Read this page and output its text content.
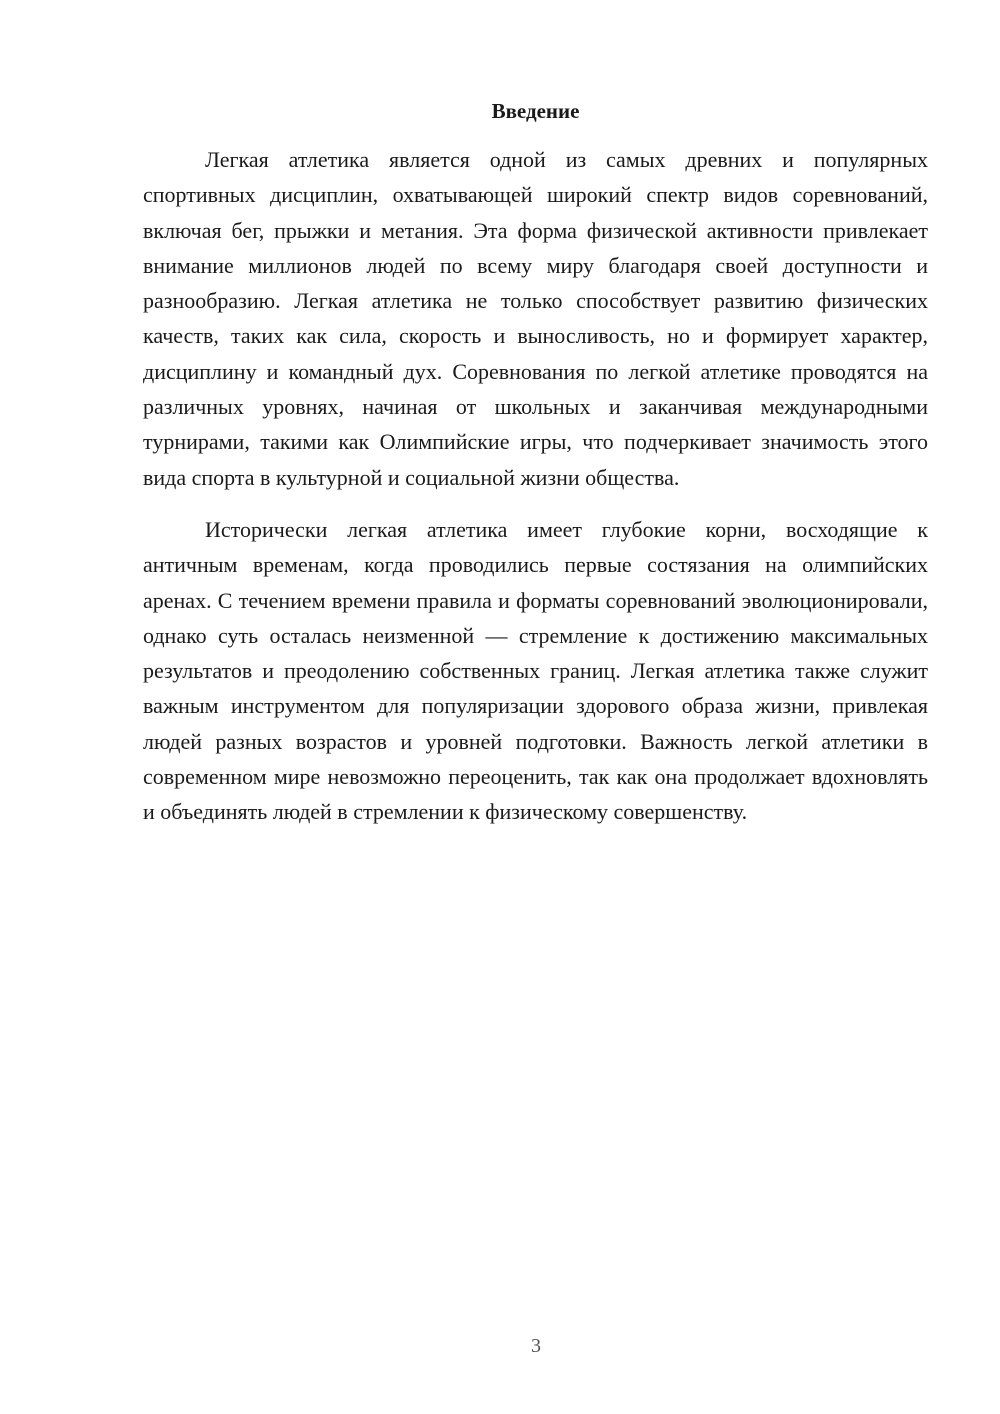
Введение

Легкая атлетика является одной из самых древних и популярных спортивных дисциплин, охватывающей широкий спектр видов соревнований, включая бег, прыжки и метания. Эта форма физической активности привлекает внимание миллионов людей по всему миру благодаря своей доступности и разнообразию. Легкая атлетика не только способствует развитию физических качеств, таких как сила, скорость и выносливость, но и формирует характер, дисциплину и командный дух. Соревнования по легкой атлетике проводятся на различных уровнях, начиная от школьных и заканчивая международными турнирами, такими как Олимпийские игры, что подчеркивает значимость этого вида спорта в культурной и социальной жизни общества.

Исторически легкая атлетика имеет глубокие корни, восходящие к античным временам, когда проводились первые состязания на олимпийских аренах. С течением времени правила и форматы соревнований эволюционировали, однако суть осталась неизменной — стремление к достижению максимальных результатов и преодолению собственных границ. Легкая атлетика также служит важным инструментом для популяризации здорового образа жизни, привлекая людей разных возрастов и уровней подготовки. Важность легкой атлетики в современном мире невозможно переоценить, так как она продолжает вдохновлять и объединять людей в стремлении к физическому совершенству.

3
